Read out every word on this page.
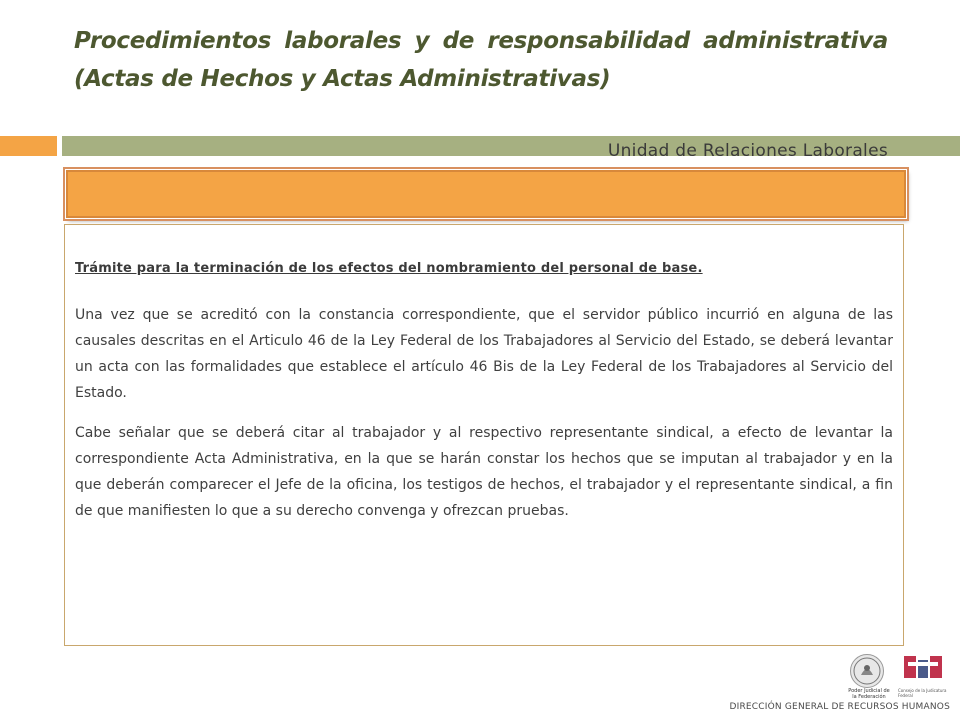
Procedimientos laborales y de responsabilidad administrativa (Actas de Hechos y Actas Administrativas)
Unidad de Relaciones Laborales

Trámite para la terminación de los efectos del nombramiento del personal de base.

Una vez que se acreditó con la constancia correspondiente, que el servidor público incurrió en alguna de las causales descritas en el Articulo 46 de la Ley Federal de los Trabajadores al Servicio del Estado, se deberá levantar un acta con las formalidades que establece el artículo 46 Bis de la Ley Federal de los Trabajadores al Servicio del Estado.

Cabe señalar que se deberá citar al trabajador y al respectivo representante sindical, a efecto de levantar la correspondiente Acta Administrativa, en la que se harán constar los hechos que se imputan al trabajador y en la que deberán comparecer el Jefe de la oficina, los testigos de hechos, el trabajador y el representante sindical, a fin de que manifiesten lo que a su derecho convenga y ofrezcan pruebas.

Poder Judicial de la Federación
Consejo de la Judicatura Federal
DIRECCIÓN GENERAL DE RECURSOS HUMANOS
